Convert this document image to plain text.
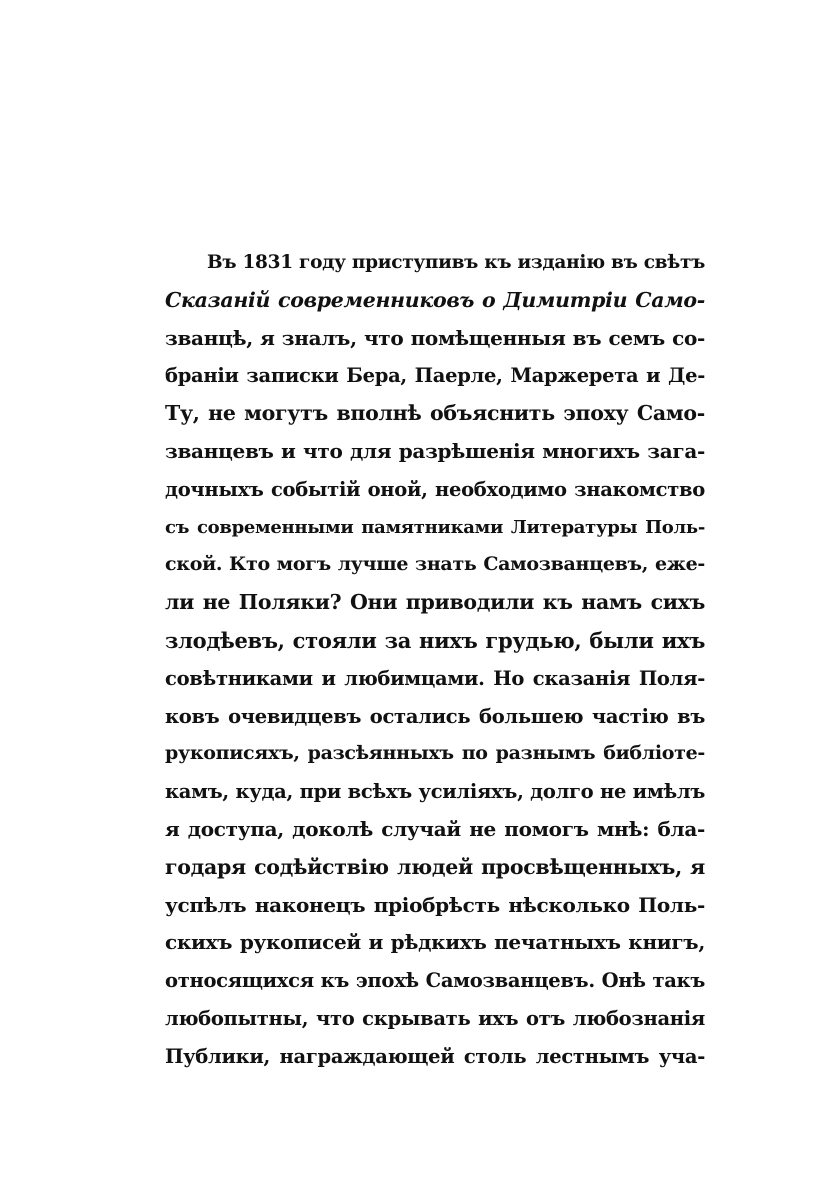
Въ 1831 году приступивъ къ изданію въ свѣтъ
Сказаній современниковъ о Димитріи Само-
званцѣ, я зналъ, что помѣщенныя въ семъ со-
браніи записки Бера, Паерле, Маржерета и Де-
Ту, не могутъ вполнѣ объяснить эпоху Само-
званцевъ и что для разрѣшенія многихъ зага-
дочныхъ событій оной, необходимо знакомство
съ современными памятниками Литературы Поль-
ской. Кто могъ лучше знать Самозванцевъ, еже-
ли не Поляки? Они приводили къ намъ сихъ
злодѣевъ, стояли за нихъ грудью, были ихъ
совѣтниками и любимцами. Но сказанія Поля-
ковъ очевидцевъ остались большею частію въ
рукописяхъ, разсѣянныхъ по разнымъ библіоте-
камъ, куда, при всѣхъ усиліяхъ, долго не имѣлъ
я доступа, доколѣ случай не помогъ мнѣ: бла-
годаря содѣйствію людей просвѣщенныхъ, я
успѣлъ наконецъ пріобрѣсть нѣсколько Поль-
скихъ рукописей и рѣдкихъ печатныхъ книгъ,
относящихся къ эпохѣ Самозванцевъ. Онѣ такъ
любопытны, что скрывать ихъ отъ любознанія
Публики, награждающей столь лестнымъ уча-
